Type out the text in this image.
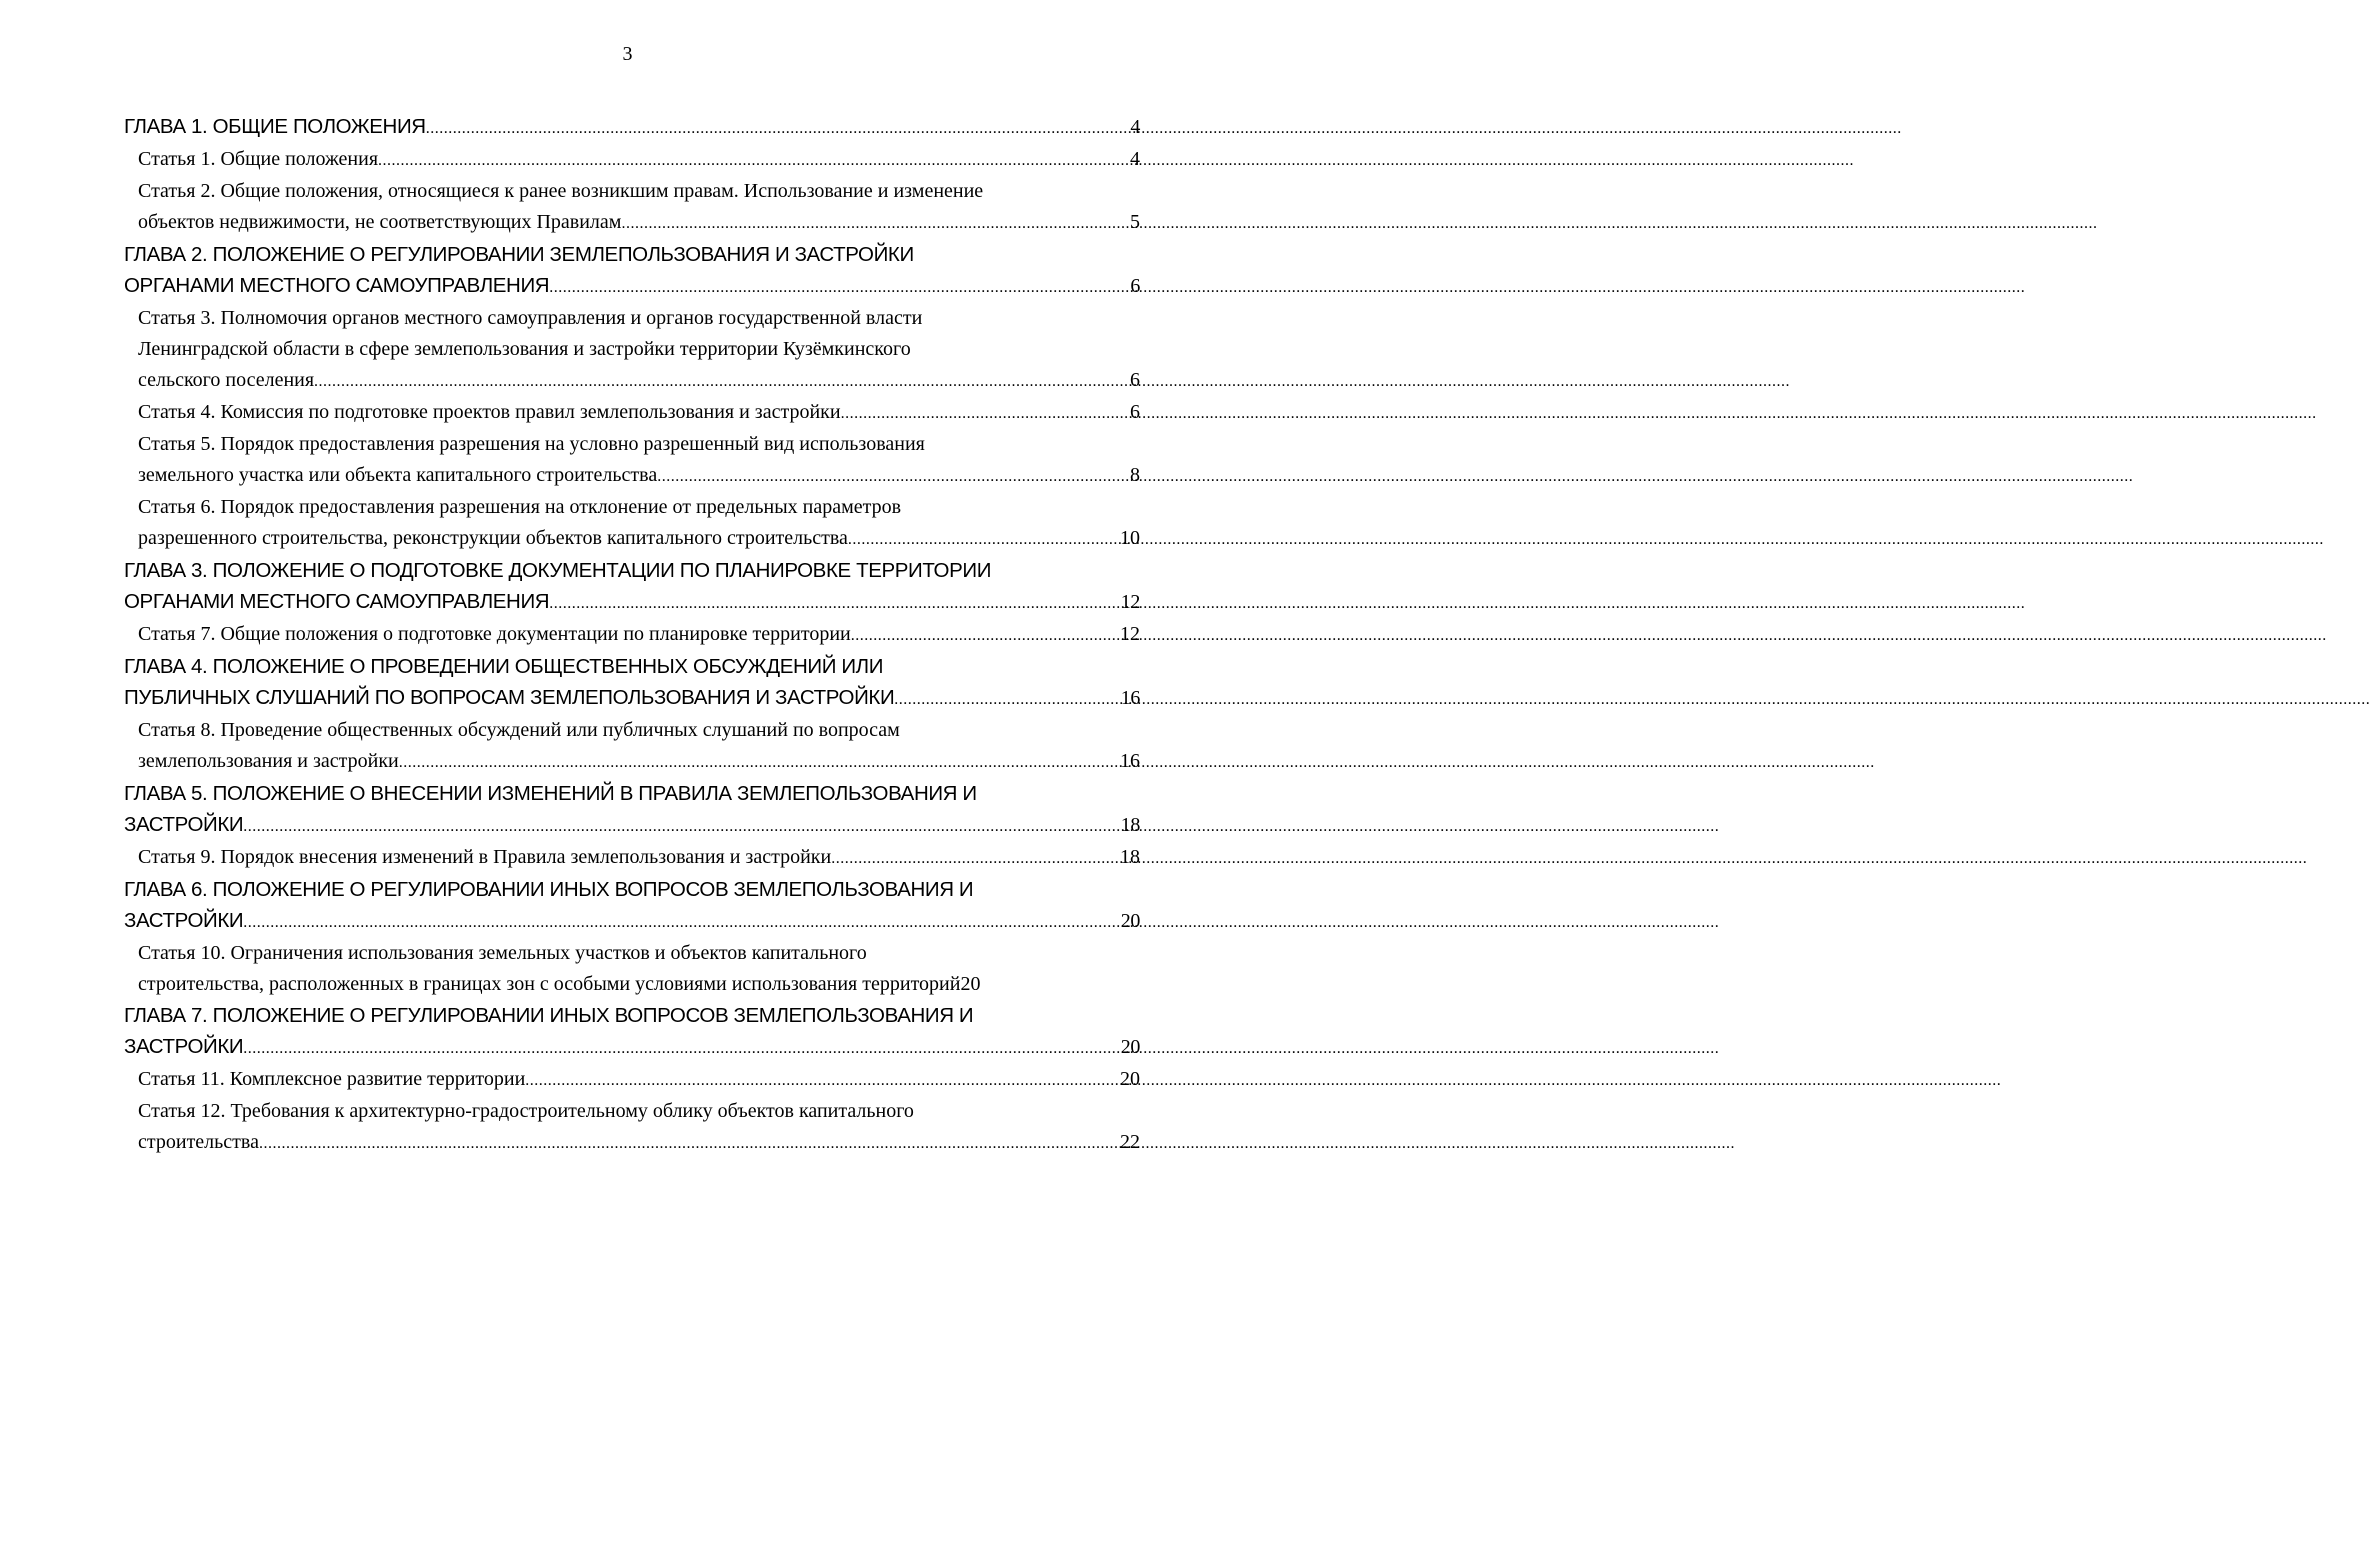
3
ГЛАВА 1. ОБЩИЕ ПОЛОЖЕНИЯ .....	4
Статья 1. Общие положения .....	4
Статья 2. Общие положения, относящиеся к ранее возникшим правам. Использование и изменение
объектов недвижимости, не соответствующих Правилам .....	5
ГЛАВА 2. ПОЛОЖЕНИЕ О РЕГУЛИРОВАНИИ ЗЕМЛЕПОЛЬЗОВАНИЯ И ЗАСТРОЙКИ
ОРГАНАМИ МЕСТНОГО САМОУПРАВЛЕНИЯ .....	6
Статья 3. Полномочия органов местного самоуправления и органов государственной власти
Ленинградской области в сфере землепользования и застройки территории Кузёмкинского
сельского поселения .....	6
Статья 4. Комиссия по подготовке проектов правил землепользования и застройки .....	6
Статья 5. Порядок предоставления разрешения на условно разрешенный вид использования
земельного участка или объекта капитального строительства .....	8
Статья 6. Порядок предоставления разрешения на отклонение от предельных параметров
разрешенного строительства, реконструкции объектов капитального строительства .....	10
ГЛАВА 3. ПОЛОЖЕНИЕ О ПОДГОТОВКЕ ДОКУМЕНТАЦИИ ПО ПЛАНИРОВКЕ ТЕРРИТОРИИ
ОРГАНАМИ МЕСТНОГО САМОУПРАВЛЕНИЯ .....	12
Статья 7. Общие положения о подготовке документации по планировке территории .....	12
ГЛАВА 4. ПОЛОЖЕНИЕ О ПРОВЕДЕНИИ ОБЩЕСТВЕННЫХ ОБСУЖДЕНИЙ ИЛИ
ПУБЛИЧНЫХ СЛУШАНИЙ ПО ВОПРОСАМ ЗЕМЛЕПОЛЬЗОВАНИЯ И ЗАСТРОЙКИ .....	16
Статья 8. Проведение общественных обсуждений или публичных слушаний по вопросам
землепользования и застройки .....	16
ГЛАВА 5. ПОЛОЖЕНИЕ О ВНЕСЕНИИ ИЗМЕНЕНИЙ В ПРАВИЛА ЗЕМЛЕПОЛЬЗОВАНИЯ И
ЗАСТРОЙКИ .....	18
Статья 9. Порядок внесения изменений в Правила землепользования и застройки .....	18
ГЛАВА 6. ПОЛОЖЕНИЕ О РЕГУЛИРОВАНИИ ИНЫХ ВОПРОСОВ ЗЕМЛЕПОЛЬЗОВАНИЯ И
ЗАСТРОЙКИ .....	20
Статья 10. Ограничения использования земельных участков и объектов капитального
строительства, расположенных в границах зон с особыми условиями использования территорий 20
ГЛАВА 7. ПОЛОЖЕНИЕ О РЕГУЛИРОВАНИИ ИНЫХ ВОПРОСОВ ЗЕМЛЕПОЛЬЗОВАНИЯ И
ЗАСТРОЙКИ .....	20
Статья 11. Комплексное развитие территории .....	20
Статья 12. Требования к архитектурно-градостроительному облику объектов капитального
строительства .....	22
